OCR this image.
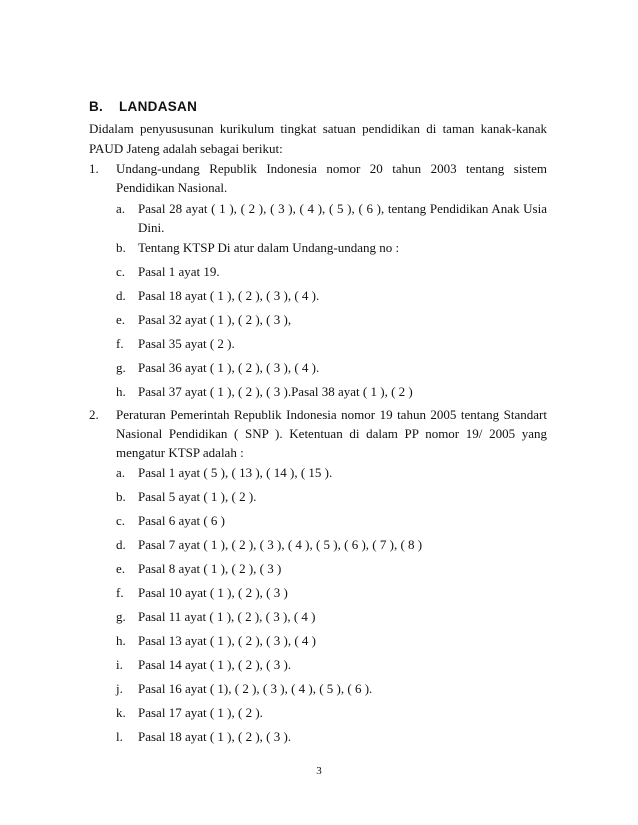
B. LANDASAN
Didalam penyususunan kurikulum tingkat satuan pendidikan di taman kanak-kanak PAUD Jateng adalah sebagai berikut:
1. Undang-undang Republik Indonesia nomor 20 tahun 2003 tentang sistem Pendidikan Nasional.
a. Pasal 28 ayat ( 1 ), ( 2 ), ( 3 ), ( 4 ), ( 5 ), ( 6 ), tentang Pendidikan Anak Usia Dini.
b. Tentang KTSP Di atur dalam Undang-undang no :
c. Pasal 1 ayat 19.
d. Pasal 18 ayat ( 1 ), ( 2 ), ( 3 ), ( 4 ).
e. Pasal 32 ayat ( 1 ), ( 2 ), ( 3 ),
f. Pasal 35 ayat ( 2 ).
g. Pasal 36 ayat ( 1 ), ( 2 ), ( 3 ), ( 4 ).
h. Pasal 37 ayat ( 1 ), ( 2 ), ( 3 ).Pasal 38 ayat ( 1 ), ( 2 )
2. Peraturan Pemerintah Republik Indonesia nomor 19 tahun 2005 tentang Standart Nasional Pendidikan ( SNP ). Ketentuan di dalam PP nomor 19/ 2005 yang mengatur KTSP adalah :
a. Pasal 1 ayat ( 5 ), ( 13 ), ( 14 ), ( 15 ).
b. Pasal 5 ayat ( 1 ), ( 2 ).
c. Pasal 6 ayat ( 6 )
d. Pasal 7 ayat ( 1 ), ( 2 ), ( 3 ), ( 4 ), ( 5 ), ( 6 ), ( 7 ), ( 8 )
e. Pasal 8 ayat ( 1 ), ( 2 ), ( 3 )
f. Pasal 10 ayat ( 1 ), ( 2 ), ( 3 )
g. Pasal 11 ayat ( 1 ), ( 2 ), ( 3 ), ( 4 )
h. Pasal 13 ayat ( 1 ), ( 2 ), ( 3 ), ( 4 )
i. Pasal 14 ayat ( 1 ), ( 2 ), ( 3 ).
j. Pasal 16 ayat ( 1), ( 2 ), ( 3 ), ( 4 ), ( 5 ), ( 6 ).
k. Pasal 17 ayat ( 1 ), ( 2 ).
l. Pasal 18 ayat ( 1 ), ( 2 ), ( 3 ).
3
